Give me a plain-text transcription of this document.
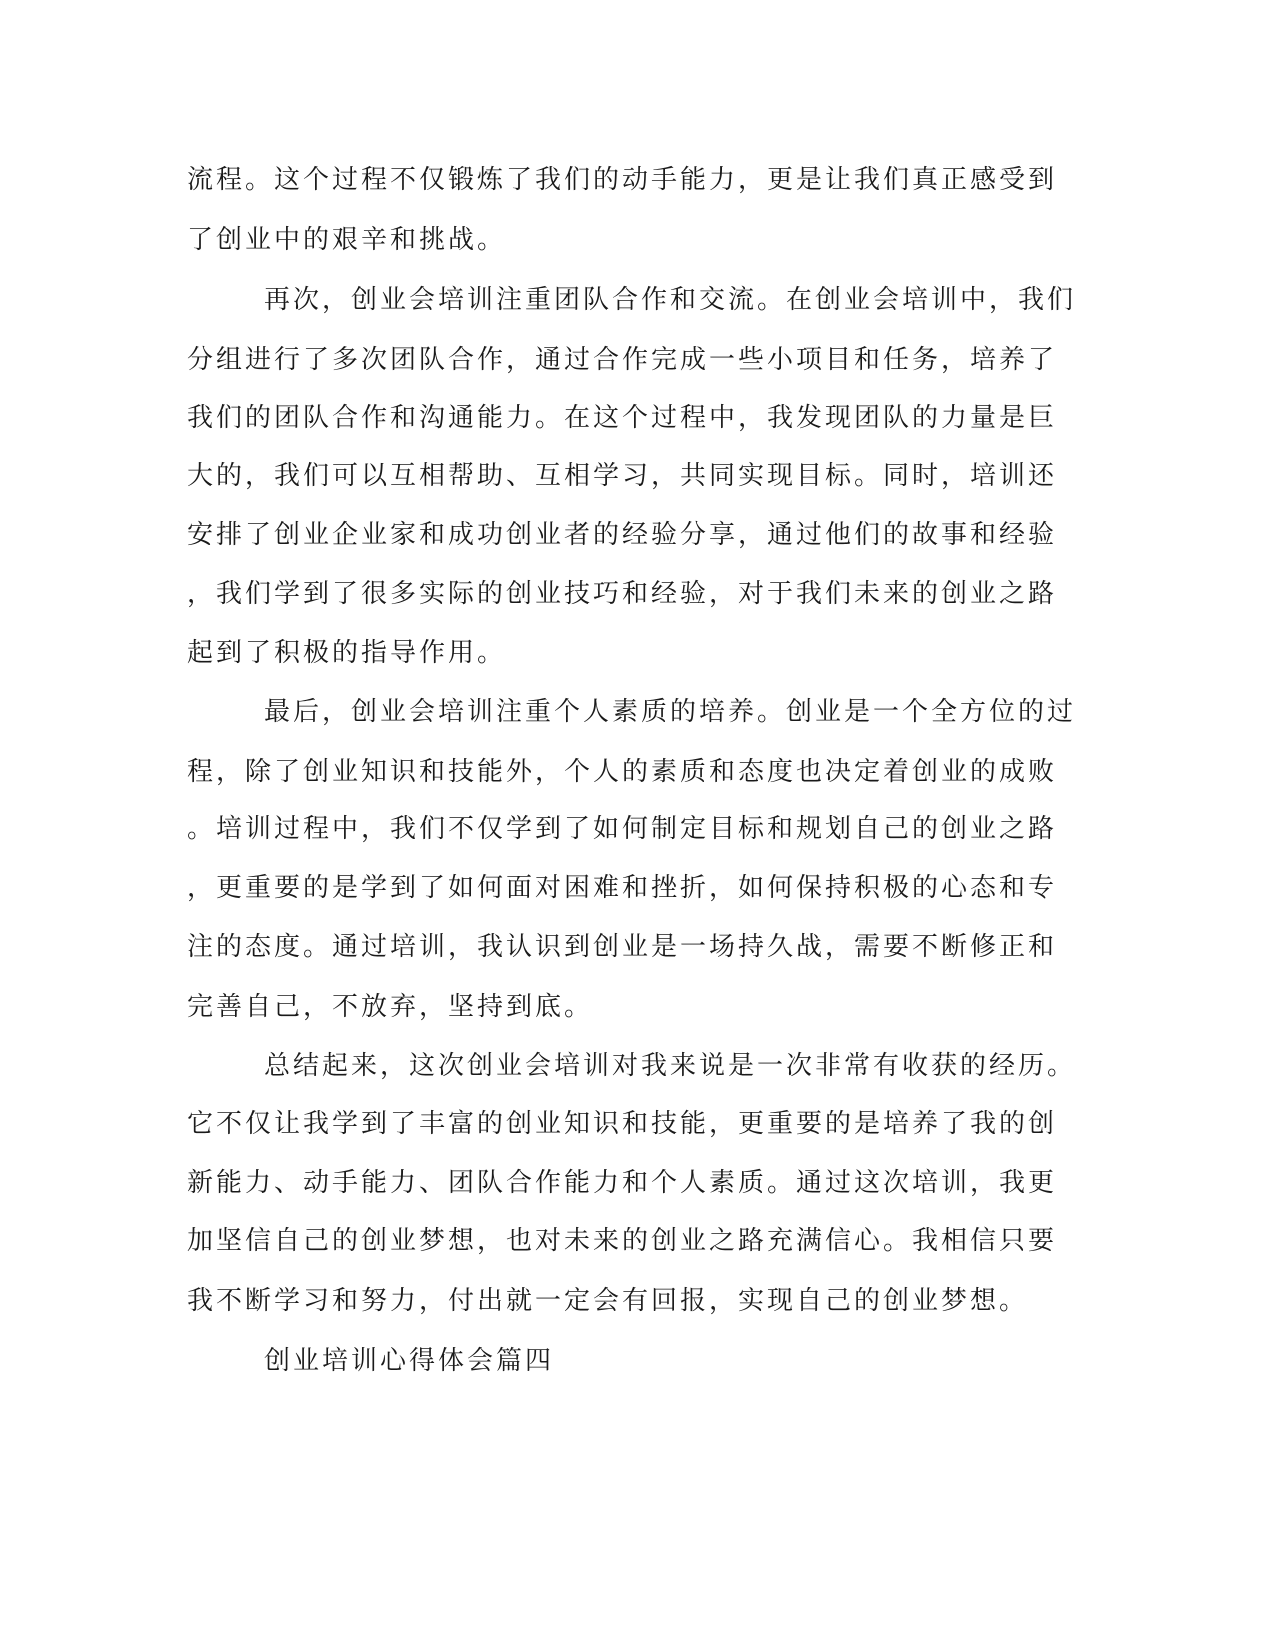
流程。这个过程不仅锻炼了我们的动手能力，更是让我们真正感受到
了创业中的艰辛和挑战。
再次，创业会培训注重团队合作和交流。在创业会培训中，我们
分组进行了多次团队合作，通过合作完成一些小项目和任务，培养了
我们的团队合作和沟通能力。在这个过程中，我发现团队的力量是巨
大的，我们可以互相帮助、互相学习，共同实现目标。同时，培训还
安排了创业企业家和成功创业者的经验分享，通过他们的故事和经验
，我们学到了很多实际的创业技巧和经验，对于我们未来的创业之路
起到了积极的指导作用。
最后，创业会培训注重个人素质的培养。创业是一个全方位的过
程，除了创业知识和技能外，个人的素质和态度也决定着创业的成败
。培训过程中，我们不仅学到了如何制定目标和规划自己的创业之路
，更重要的是学到了如何面对困难和挫折，如何保持积极的心态和专
注的态度。通过培训，我认识到创业是一场持久战，需要不断修正和
完善自己，不放弃，坚持到底。
总结起来，这次创业会培训对我来说是一次非常有收获的经历。
它不仅让我学到了丰富的创业知识和技能，更重要的是培养了我的创
新能力、动手能力、团队合作能力和个人素质。通过这次培训，我更
加坚信自己的创业梦想，也对未来的创业之路充满信心。我相信只要
我不断学习和努力，付出就一定会有回报，实现自己的创业梦想。
创业培训心得体会篇四
